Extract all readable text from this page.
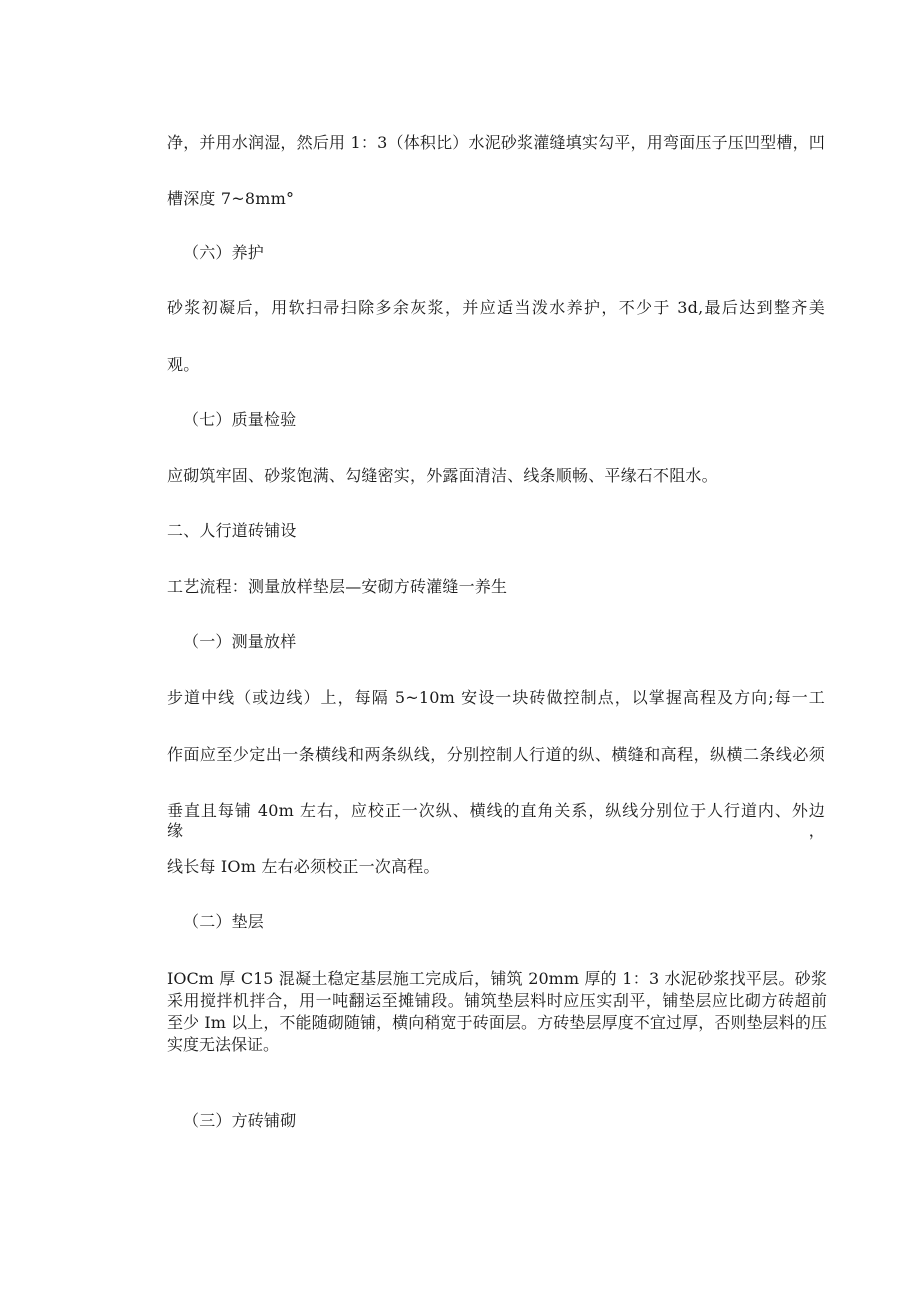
净，并用水润湿，然后用 1：3（体积比）水泥砂浆灌缝填实勾平，用弯面压子压凹型槽，凹
槽深度 7~8mm°
（六）养护
砂浆初凝后，用软扫帚扫除多余灰浆，并应适当泼水养护，不少于 3d,最后达到整齐美
观。
（七）质量检验
应砌筑牢固、砂浆饱满、勾缝密实，外露面清洁、线条顺畅、平缘石不阻水。
二、人行道砖铺设
工艺流程：测量放样垫层—安砌方砖灌缝一养生
（一）测量放样
步道中线（或边线）上，每隔 5~10m 安设一块砖做控制点，以掌握高程及方向;每一工
作面应至少定出一条横线和两条纵线，分别控制人行道的纵、横缝和高程，纵横二条线必须
垂直且每铺 40m 左右，应校正一次纵、横线的直角关系，纵线分别位于人行道内、外边缘，
线长每 IOm 左右必须校正一次高程。
（二）垫层
IOCm 厚 C15 混凝土稳定基层施工完成后，铺筑 20mm 厚的 1：3 水泥砂浆找平层。砂浆
采用搅拌机拌合，用一吨翻运至摊铺段。铺筑垫层料时应压实刮平，铺垫层应比砌方砖超前
至少 Im 以上，不能随砌随铺，横向稍宽于砖面层。方砖垫层厚度不宜过厚，否则垫层料的压
实度无法保证。
（三）方砖铺砌
